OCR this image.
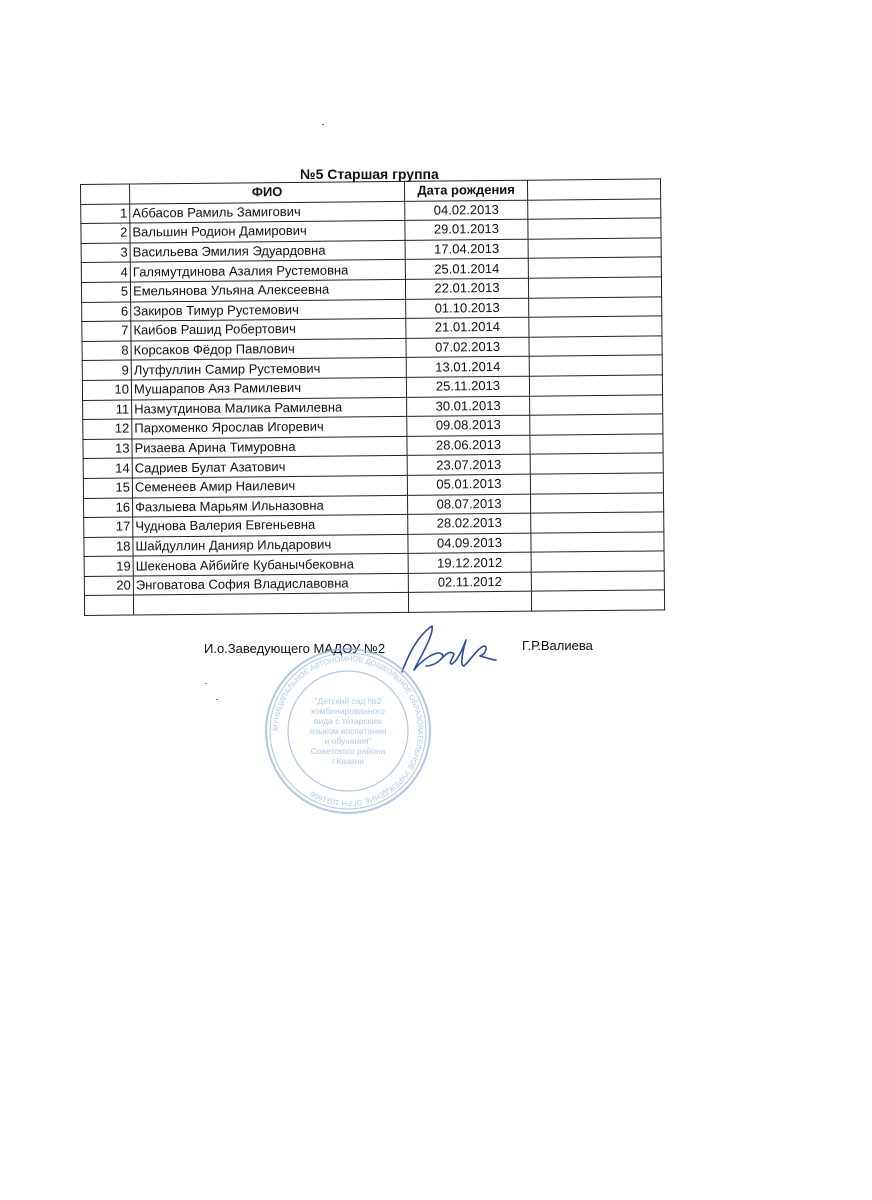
№5 Старшая группа
	ФИО	Дата рождения	
1	Аббасов Рамиль Замигович	04.02.2013	
2	Вальшин Родион Дамирович	29.01.2013	
3	Васильева Эмилия Эдуардовна	17.04.2013	
4	Галямутдинова Азалия Рустемовна	25.01.2014	
5	Емельянова Ульяна Алексеевна	22.01.2013	
6	Закиров Тимур Рустемович	01.10.2013	
7	Каибов Рашид Робертович	21.01.2014	
8	Корсаков Фёдор Павлович	07.02.2013	
9	Лутфуллин Самир Рустемович	13.01.2014	
10	Мушарапов Аяз Рамилевич	25.11.2013	
11	Назмутдинова Малика Рамилевна	30.01.2013	
12	Пархоменко Ярослав Игоревич	09.08.2013	
13	Ризаева Арина Тимуровна	28.06.2013	
14	Садриев Булат Азатович	23.07.2013	
15	Семенеев Амир Наилевич	05.01.2013	
16	Фазлыева Марьям Ильназовна	08.07.2013	
17	Чуднова Валерия Евгеньевна	28.02.2013	
18	Шайдуллин Данияр Ильдарович	04.09.2013	
19	Шекенова Айбийге Кубанычбековна	19.12.2012	
20	Энговатова София Владиславовна	02.11.2012	

И.о.Заведующего МАДОУ №2	Г.Р.Валиева
МУНИЦИПАЛЬНОЕ АВТОНОМНОЕ ДОШКОЛЬНОЕ ОБРАЗОВАТЕЛЬНОЕ УЧРЕЖДЕНИЕ ОГРН 1021606
"Детский сад №2
комбинированного
вида с татарским
языком воспитания
и обучения"
Советского района
г.Казани
